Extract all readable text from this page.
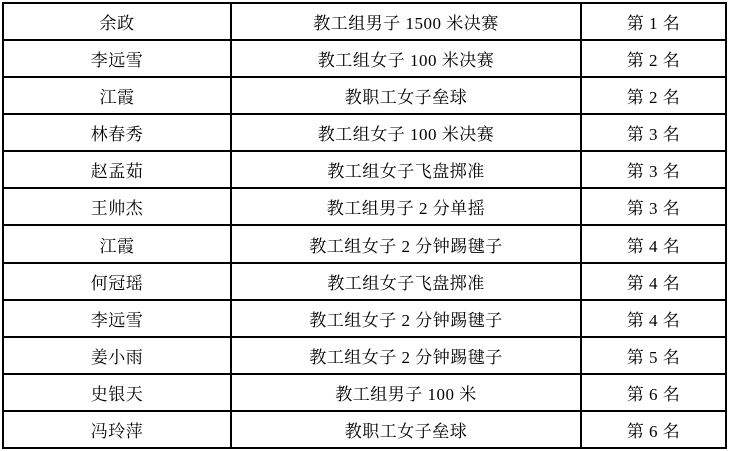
余政	教工组男子 1500 米决赛	第 1 名
李远雪	教工组女子 100 米决赛	第 2 名
江霞	教职工女子垒球	第 2 名
林春秀	教工组女子 100 米决赛	第 3 名
赵孟茹	教工组女子飞盘掷准	第 3 名
王帅杰	教工组男子 2 分单摇	第 3 名
江霞	教工组女子 2 分钟踢毽子	第 4 名
何冠瑶	教工组女子飞盘掷准	第 4 名
李远雪	教工组女子 2 分钟踢毽子	第 4 名
姜小雨	教工组女子 2 分钟踢毽子	第 5 名
史银天	教工组男子 100 米	第 6 名
冯玲萍	教职工女子垒球	第 6 名
